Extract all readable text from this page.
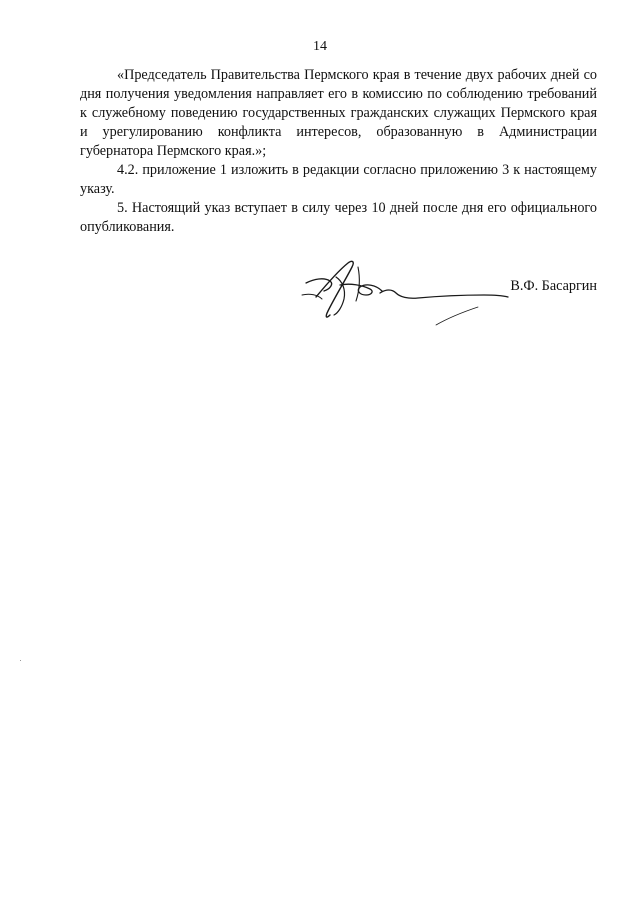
14

«Председатель Правительства Пермского края в течение двух рабочих дней со дня получения уведомления направляет его в комиссию по соблюдению требований к служебному поведению государственных гражданских служащих Пермского края и урегулированию конфликта интересов, образованную в Администрации губернатора Пермского края.»;

4.2. приложение 1 изложить в редакции согласно приложению 3 к настоящему указу.

5. Настоящий указ вступает в силу через 10 дней после дня его официального опубликования.

В.Ф. Басаргин
